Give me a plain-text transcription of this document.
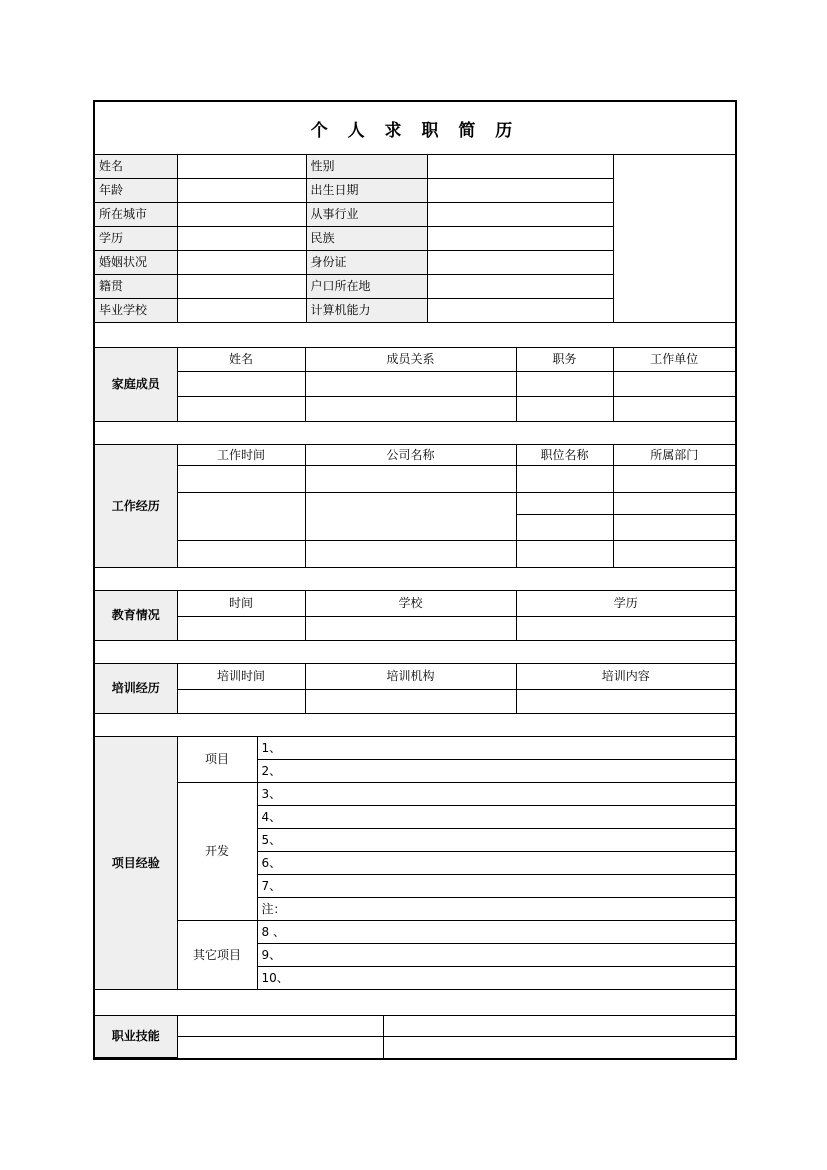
个 人 求 职 简 历
姓名		性别		
年龄		出生日期		
所在城市		从事行业		
学历		民族		
婚姻状况		身份证		
籍贯		户口所在地		
毕业学校		计算机能力		
家庭成员	姓名	成员关系	职务	工作单位

工作经历	工作时间	公司名称	职位名称	所属部门

教育情况	时间	学校	学历

培训经历	培训时间	培训机构	培训内容

项目经验	项目	1、
		2、
	开发	3、
		4、
		5、
		6、
		7、
		注：
	其它项目	8 、
		9、
		10、
职业技能		
